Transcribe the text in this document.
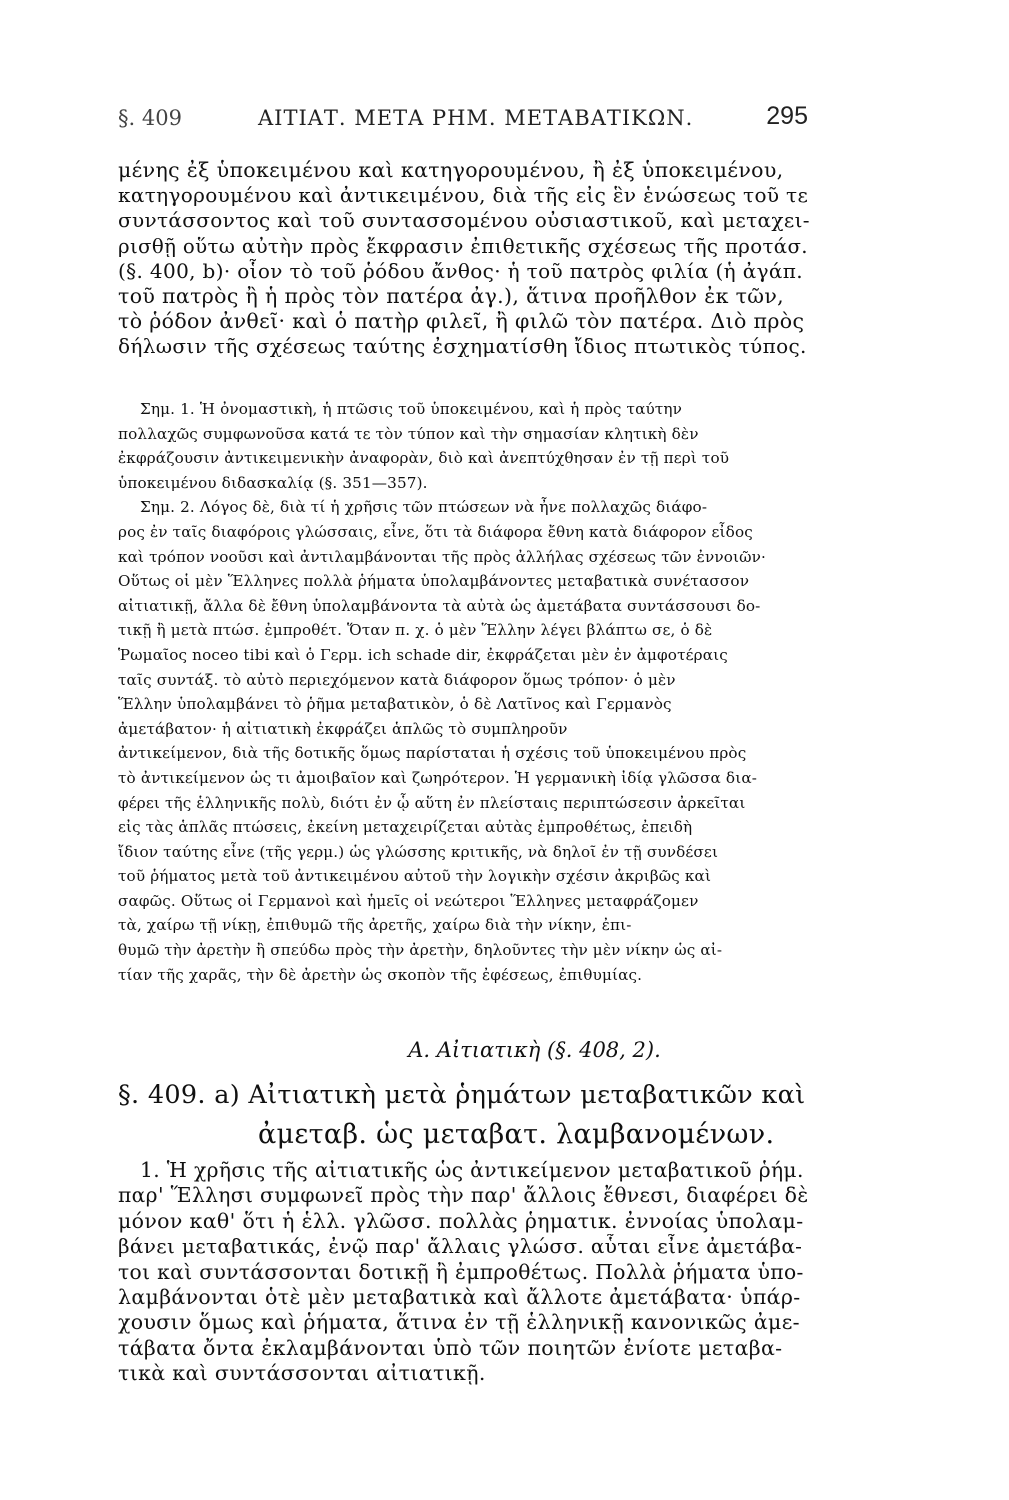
§. 409	ΑΙΤΙΑΤ. ΜΕΤΑ ΡΗΜ. ΜΕΤΑΒΑΤΙΚΩΝ.	295
μένης ἐξ ὑποκειμένου καὶ κατηγορουμένου, ἢ ἐξ ὑποκειμένου,
κατηγορουμένου καὶ ἀντικειμένου, διὰ τῆς εἰς ἓν ἑνώσεως τοῦ τε
συντάσσοντος καὶ τοῦ συντασσομένου οὐσιαστικοῦ, καὶ μεταχει-
ρισθῇ οὕτω αὐτὴν πρὸς ἔκφρασιν ἐπιθετικῆς σχέσεως τῆς προτάσ.
(§. 400, b)· οἷον τὸ τοῦ ῥόδου ἄνθος· ἡ τοῦ πατρὸς φιλία (ἡ ἀγάπ.
τοῦ πατρὸς ἢ ἡ πρὸς τὸν πατέρα ἀγ.), ἅτινα προῆλθον ἐκ τῶν,
τὸ ῥόδον ἀνθεῖ· καὶ ὁ πατὴρ φιλεῖ, ἢ φιλῶ τὸν πατέρα. Διὸ πρὸς
δήλωσιν τῆς σχέσεως ταύτης ἐσχηματίσθη ἴδιος πτωτικὸς τύπος.
Σημ. 1. Ἡ ὀνομαστικὴ, ἡ πτῶσις τοῦ ὑποκειμένου, καὶ ἡ πρὸς ταύτην
πολλαχῶς συμφωνοῦσα κατά τε τὸν τύπον καὶ τὴν σημασίαν κλητικὴ δὲν
ἐκφράζουσιν ἀντικειμενικὴν ἀναφορὰν, διὸ καὶ ἀνεπτύχθησαν ἐν τῇ περὶ τοῦ
ὑποκειμένου διδασκαλίᾳ (§. 351—357).
Σημ. 2. Λόγος δὲ, διὰ τί ἡ χρῆσις τῶν πτώσεων νὰ ἦνε πολλαχῶς διάφο-
ρος ἐν ταῖς διαφόροις γλώσσαις, εἶνε, ὅτι τὰ διάφορα ἔθνη κατὰ διάφορον εἶδος
καὶ τρόπον νοοῦσι καὶ ἀντιλαμβάνονται τῆς πρὸς ἀλλήλας σχέσεως τῶν ἐννοιῶν·
Οὕτως οἱ μὲν Ἕλληνες πολλὰ ῥήματα ὑπολαμβάνοντες μεταβατικὰ συνέτασσον
αἰτιατικῇ, ἄλλα δὲ ἔθνη ὑπολαμβάνοντα τὰ αὐτὰ ὡς ἀμετάβατα συντάσσουσι δο-
τικῇ ἢ μετὰ πτώσ. ἐμπροθέτ. Ὅταν π. χ. ὁ μὲν Ἕλλην λέγει βλάπτω σε, ὁ δὲ
Ῥωμαῖος noceo tibi καὶ ὁ Γερμ. ich schade dir, ἐκφράζεται μὲν ἐν ἀμφοτέραις
ταῖς συντάξ. τὸ αὐτὸ περιεχόμενον κατὰ διάφορον ὅμως τρόπον· ὁ μὲν
Ἕλλην ὑπολαμβάνει τὸ ῥῆμα μεταβατικὸν, ὁ δὲ Λατῖνος καὶ Γερμανὸς
ἀμετάβατον· ἡ αἰτιατικὴ ἐκφράζει ἁπλῶς τὸ συμπληροῦν
ἀντικείμενον, διὰ τῆς δοτικῆς ὅμως παρίσταται ἡ σχέσις τοῦ ὑποκειμένου πρὸς
τὸ ἀντικείμενον ὡς τι ἀμοιβαῖον καὶ ζωηρότερον. Ἡ γερμανικὴ ἰδίᾳ γλῶσσα δια-
φέρει τῆς ἑλληνικῆς πολὺ, διότι ἐν ᾧ αὕτη ἐν πλείσταις περιπτώσεσιν ἀρκεῖται
εἰς τὰς ἁπλᾶς πτώσεις, ἐκείνη μεταχειρίζεται αὐτὰς ἐμπροθέτως, ἐπειδὴ
ἴδιον ταύτης εἶνε (τῆς γερμ.) ὡς γλώσσης κριτικῆς, νὰ δηλοῖ ἐν τῇ συνδέσει
τοῦ ῥήματος μετὰ τοῦ ἀντικειμένου αὐτοῦ τὴν λογικὴν σχέσιν ἀκριβῶς καὶ
σαφῶς. Οὕτως οἱ Γερμανοὶ καὶ ἡμεῖς οἱ νεώτεροι Ἕλληνες μεταφράζομεν
τὰ, χαίρω τῇ νίκῃ, ἐπιθυμῶ τῆς ἀρετῆς, χαίρω διὰ τὴν νίκην, ἐπι-
θυμῶ τὴν ἀρετὴν ἢ σπεύδω πρὸς τὴν ἀρετὴν, δηλοῦντες τὴν μὲν νίκην ὡς αἰ-
τίαν τῆς χαρᾶς, τὴν δὲ ἀρετὴν ὡς σκοπὸν τῆς ἐφέσεως, ἐπιθυμίας.
Α. Αἰτιατικὴ (§. 408, 2).
§. 409. a) Αἰτιατικὴ μετὰ ῥημάτων μεταβατικῶν καὶ
ἀμεταβ. ὡς μεταβατ. λαμβανομένων.
1. Ἡ χρῆσις τῆς αἰτιατικῆς ὡς ἀντικείμενον μεταβατικοῦ ῥήμ.
παρ' Ἕλλησι συμφωνεῖ πρὸς τὴν παρ' ἄλλοις ἔθνεσι, διαφέρει δὲ
μόνον καθ' ὅτι ἡ ἑλλ. γλῶσσ. πολλὰς ῥηματικ. ἐννοίας ὑπολαμ-
βάνει μεταβατικάς, ἐνῷ παρ' ἄλλαις γλώσσ. αὗται εἶνε ἀμετάβα-
τοι καὶ συντάσσονται δοτικῇ ἢ ἐμπροθέτως. Πολλὰ ῥήματα ὑπο-
λαμβάνονται ὁτὲ μὲν μεταβατικὰ καὶ ἄλλοτε ἀμετάβατα· ὑπάρ-
χουσιν ὅμως καὶ ῥήματα, ἅτινα ἐν τῇ ἑλληνικῇ κανονικῶς ἀμε-
τάβατα ὄντα ἐκλαμβάνονται ὑπὸ τῶν ποιητῶν ἐνίοτε μεταβα-
τικὰ καὶ συντάσσονται αἰτιατικῇ.
